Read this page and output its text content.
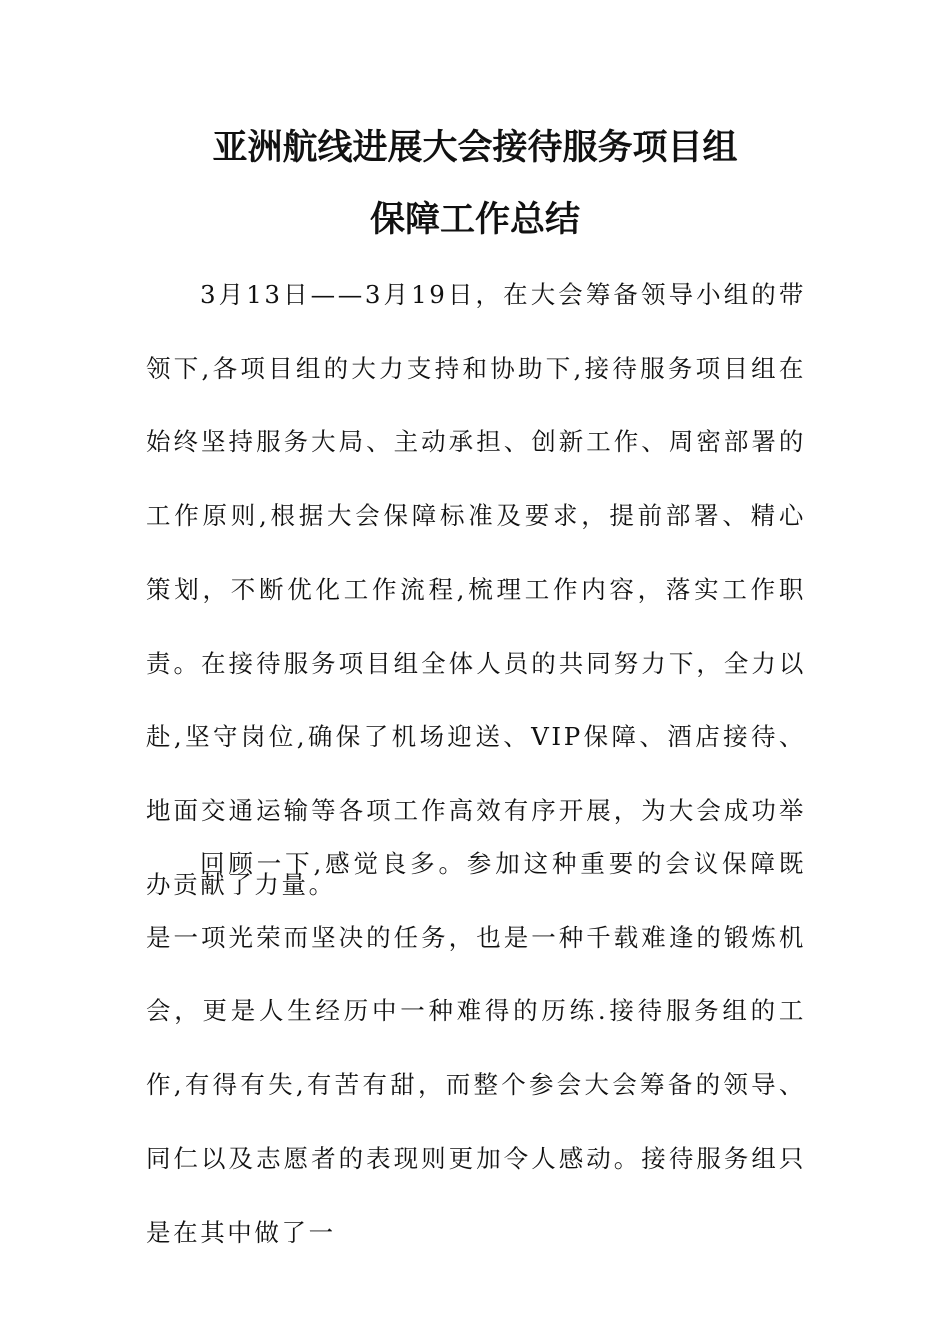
亚洲航线进展大会接待服务项目组
保障工作总结

3月13日——3月19日，在大会筹备领导小组的带领下,各项目组的大力支持和协助下,接待服务项目组在始终坚持服务大局、主动承担、创新工作、周密部署的工作原则,根据大会保障标准及要求，提前部署、精心策划，不断优化工作流程,梳理工作内容，落实工作职责。在接待服务项目组全体人员的共同努力下，全力以赴,坚守岗位,确保了机场迎送、VIP保障、酒店接待、地面交通运输等各项工作高效有序开展，为大会成功举办贡献了力量。

回顾一下,感觉良多。参加这种重要的会议保障既是一项光荣而坚决的任务，也是一种千载难逢的锻炼机会，更是人生经历中一种难得的历练.接待服务组的工作,有得有失,有苦有甜，而整个参会大会筹备的领导、同仁以及志愿者的表现则更加令人感动。接待服务组只是在其中做了一
